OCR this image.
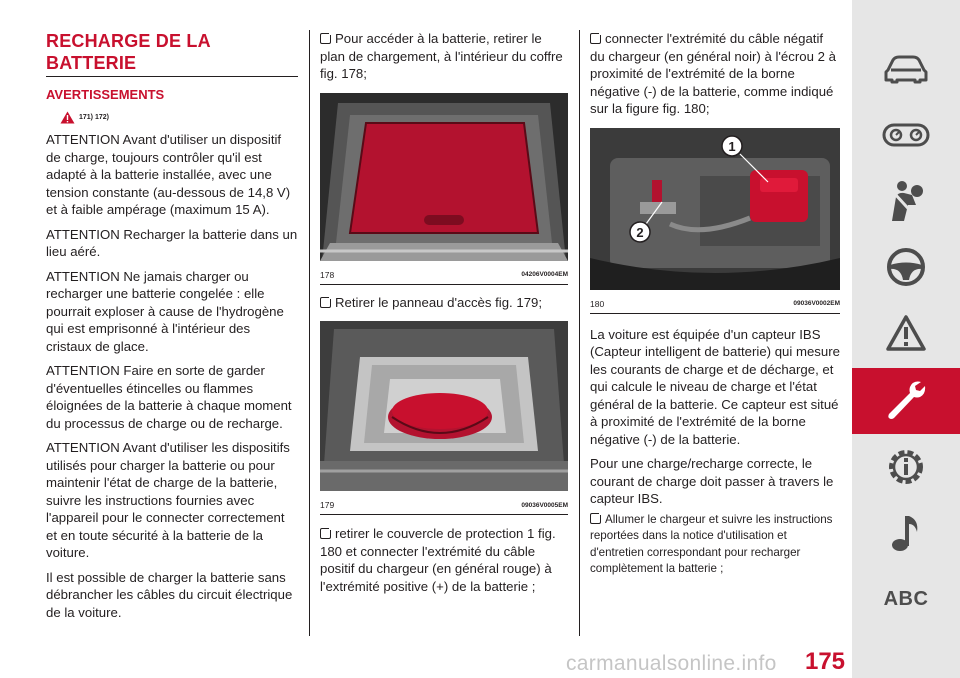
RECHARGE DE LA BATTERIE
AVERTISSEMENTS
171) 172)

ATTENTION Avant d'utiliser un dispositif de charge, toujours contrôler qu'il est adapté à la batterie installée, avec une tension constante (au-dessous de 14,8 V) et à faible ampérage (maximum 15 A).

ATTENTION Recharger la batterie dans un lieu aéré.

ATTENTION Ne jamais charger ou recharger une batterie congelée : elle pourrait exploser à cause de l'hydrogène qui est emprisonné à l'intérieur des cristaux de glace.

ATTENTION Faire en sorte de garder d'éventuelles étincelles ou flammes éloignées de la batterie à chaque moment du processus de charge ou de recharge.

ATTENTION Avant d'utiliser les dispositifs utilisés pour charger la batterie ou pour maintenir l'état de charge de la batterie, suivre les instructions fournies avec l'appareil pour le connecter correctement et en toute sécurité à la batterie de la voiture.

Il est possible de charger la batterie sans débrancher les câbles du circuit électrique de la voiture.

Pour accéder à la batterie, retirer le plan de chargement, à l'intérieur du coffre fig. 178;

178	04206V0004EM

Retirer le panneau d'accès fig. 179;

179	09036V0005EM

retirer le couvercle de protection 1 fig. 180 et connecter l'extrémité du câble positif du chargeur (en général rouge) à l'extrémité positive (+) de la batterie ;

connecter l'extrémité du câble négatif du chargeur (en général noir) à l'écrou 2 à proximité de l'extrémité de la borne négative (-) de la batterie, comme indiqué sur la figure fig. 180;

1
2
180	09036V0002EM

La voiture est équipée d'un capteur IBS (Capteur intelligent de batterie) qui mesure les courants de charge et de décharge, et qui calcule le niveau de charge et l'état général de la batterie. Ce capteur est situé à proximité de l'extrémité de la borne négative (-) de la batterie.

Pour une charge/recharge correcte, le courant de charge doit passer à travers le capteur IBS.

Allumer le chargeur et suivre les instructions reportées dans la notice d'utilisation et d'entretien correspondant pour recharger complètement la batterie ;

ABC
175
carmanualsonline.info
